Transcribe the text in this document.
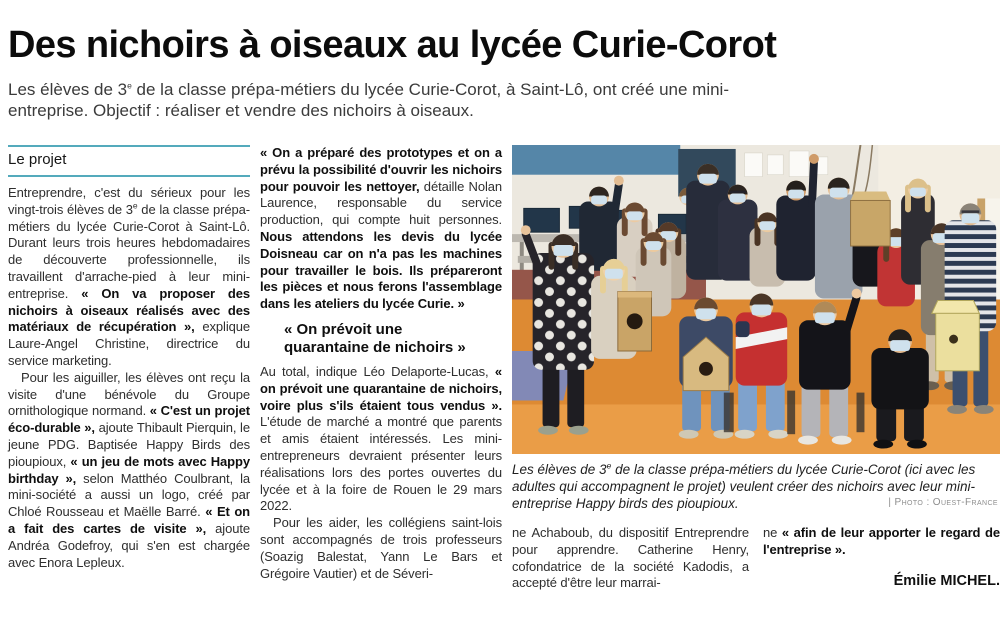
Des nichoirs à oiseaux au lycée Curie-Corot

Les élèves de 3e de la classe prépa-métiers du lycée Curie-Corot, à Saint-Lô, ont créé une mini-entreprise. Objectif : réaliser et vendre des nichoirs à oiseaux.

Le projet

Entreprendre, c'est du sérieux pour les vingt-trois élèves de 3e de la classe prépa-métiers du lycée Curie-Corot à Saint-Lô. Durant leurs trois heures hebdomadaires de découverte professionnelle, ils travaillent d'arrache-pied à leur mini-entreprise. « On va proposer des nichoirs à oiseaux réalisés avec des matériaux de récupération », explique Laure-Angel Christine, directrice du service marketing.

Pour les aiguiller, les élèves ont reçu la visite d'une bénévole du Groupe ornithologique normand. « C'est un projet éco-durable », ajoute Thibault Pierquin, le jeune PDG. Baptisée Happy Birds des pioupioux, « un jeu de mots avec Happy birthday », selon Matthéo Coulbrant, la mini-société a aussi un logo, créé par Chloé Rousseau et Maëlle Barré. « Et on a fait des cartes de visite », ajoute Andréa Godefroy, qui s'en est chargée avec Enora Lepleux.

« On a préparé des prototypes et on a prévu la possibilité d'ouvrir les nichoirs pour pouvoir les nettoyer, détaille Nolan Laurence, responsable du service production, qui compte huit personnes. Nous attendons les devis du lycée Doisneau car on n'a pas les machines pour travailler le bois. Ils prépareront les pièces et nous ferons l'assemblage dans les ateliers du lycée Curie. »

« On prévoit une quarantaine de nichoirs »

Au total, indique Léo Delaporte-Lucas, « on prévoit une quarantaine de nichoirs, voire plus s'ils étaient tous vendus ». L'étude de marché a montré que parents et amis étaient intéressés. Les mini-entrepreneurs devraient présenter leurs réalisations lors des portes ouvertes du lycée et à la foire de Rouen le 29 mars 2022.

Pour les aider, les collégiens saint-lois sont accompagnés de trois professeurs (Soazig Balestat, Yann Le Bars et Grégoire Vautier) et de Séveri-

Les élèves de 3e de la classe prépa-métiers du lycée Curie-Corot (ici avec les adultes qui accompagnent le projet) veulent créer des nichoirs avec leur mini-entreprise Happy birds des pioupioux.	| Photo : Ouest-France

ne Achaboub, du dispositif Entreprendre pour apprendre. Catherine Henry, cofondatrice de la société Kadodis, a accepté d'être leur marrai-

ne « afin de leur apporter le regard de l'entreprise ».

Émilie MICHEL.
